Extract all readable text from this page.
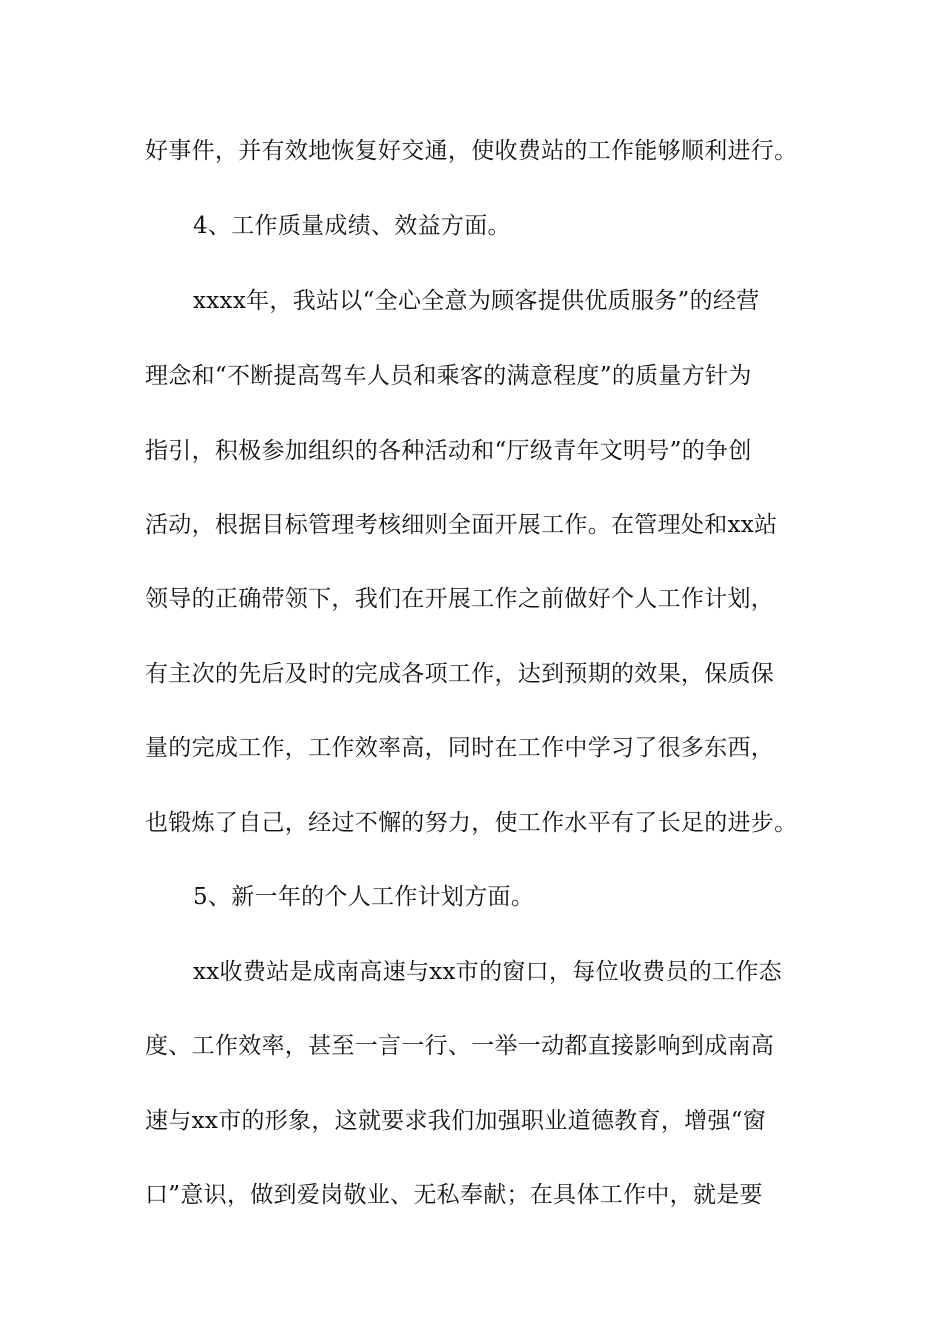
好事件，并有效地恢复好交通，使收费站的工作能够顺利进行。
4、工作质量成绩、效益方面。
xxxx年，我站以“全心全意为顾客提供优质服务”的经营
理念和“不断提高驾车人员和乘客的满意程度”的质量方针为
指引，积极参加组织的各种活动和“厅级青年文明号”的争创
活动，根据目标管理考核细则全面开展工作。在管理处和xx站
领导的正确带领下，我们在开展工作之前做好个人工作计划，
有主次的先后及时的完成各项工作，达到预期的效果，保质保
量的完成工作，工作效率高，同时在工作中学习了很多东西，
也锻炼了自己，经过不懈的努力，使工作水平有了长足的进步。
5、新一年的个人工作计划方面。
xx收费站是成南高速与xx市的窗口，每位收费员的工作态
度、工作效率，甚至一言一行、一举一动都直接影响到成南高
速与xx市的形象，这就要求我们加强职业道德教育，增强“窗
口”意识，做到爱岗敬业、无私奉献；在具体工作中，就是要
